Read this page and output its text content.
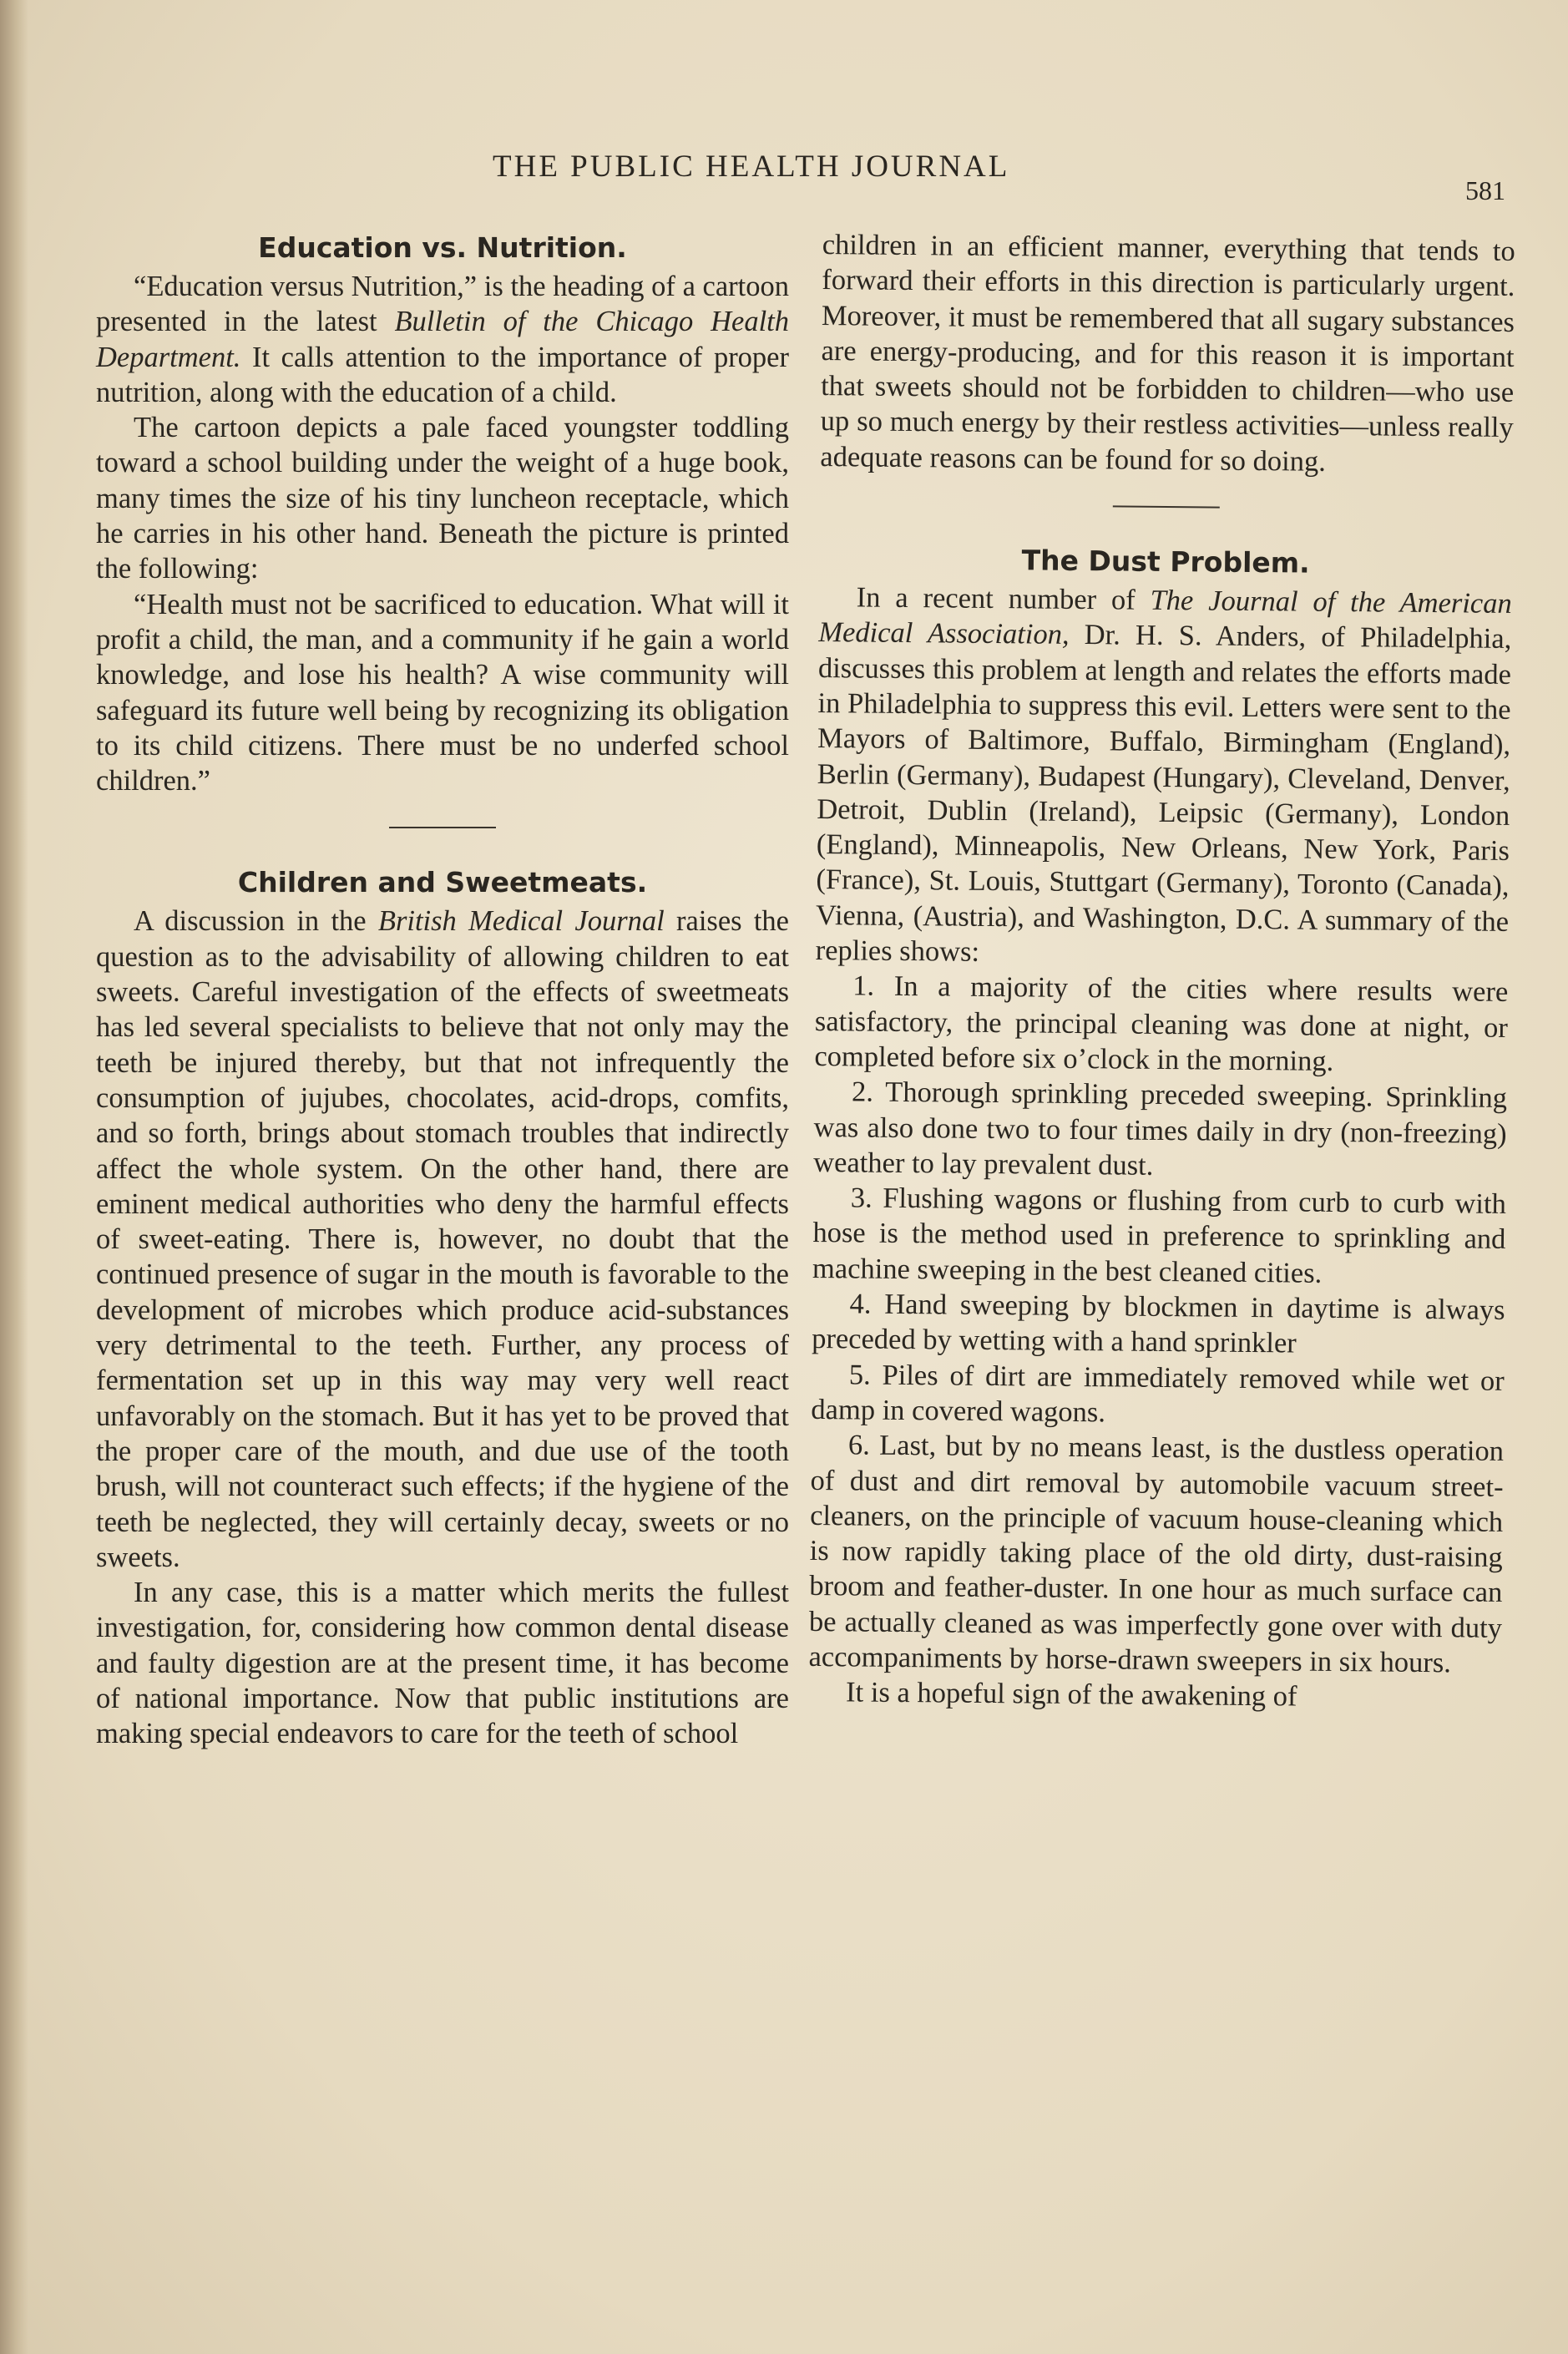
THE PUBLIC HEALTH JOURNAL
581
Education vs. Nutrition.

“Education versus Nutrition,” is the heading of a cartoon presented in the latest Bulletin of the Chicago Health Department. It calls attention to the importance of proper nutrition, along with the education of a child.

The cartoon depicts a pale faced youngster toddling toward a school building under the weight of a huge book, many times the size of his tiny luncheon receptacle, which he carries in his other hand. Beneath the picture is printed the following:

“Health must not be sacrificed to education. What will it profit a child, the man, and a community if he gain a world knowledge, and lose his health? A wise community will safeguard its future well being by recognizing its obligation to its child citizens. There must be no underfed school children.”

Children and Sweetmeats.

A discussion in the British Medical Journal raises the question as to the advisability of allowing children to eat sweets. Careful investigation of the effects of sweetmeats has led several specialists to believe that not only may the teeth be injured thereby, but that not infrequently the consumption of jujubes, chocolates, acid-drops, comfits, and so forth, brings about stomach troubles that indirectly affect the whole system. On the other hand, there are eminent medical authorities who deny the harmful effects of sweet-eating. There is, however, no doubt that the continued presence of sugar in the mouth is favorable to the development of microbes which produce acid-substances very detrimental to the teeth. Further, any process of fermentation set up in this way may very well react unfavorably on the stomach. But it has yet to be proved that the proper care of the mouth, and due use of the tooth brush, will not counteract such effects; if the hygiene of the teeth be neglected, they will certainly decay, sweets or no sweets.

In any case, this is a matter which merits the fullest investigation, for, considering how common dental disease and faulty digestion are at the present time, it has become of national importance. Now that public institutions are making special endeavors to care for the teeth of school

children in an efficient manner, everything that tends to forward their efforts in this direction is particularly urgent. Moreover, it must be remembered that all sugary substances are energy-producing, and for this reason it is important that sweets should not be forbidden to children—who use up so much energy by their restless activities—unless really adequate reasons can be found for so doing.

The Dust Problem.

In a recent number of The Journal of the American Medical Association, Dr. H. S. Anders, of Philadelphia, discusses this problem at length and relates the efforts made in Philadelphia to suppress this evil. Letters were sent to the Mayors of Baltimore, Buffalo, Birmingham (England), Berlin (Germany), Budapest (Hungary), Cleveland, Denver, Detroit, Dublin (Ireland), Leipsic (Germany), London (England), Minneapolis, New Orleans, New York, Paris (France), St. Louis, Stuttgart (Germany), Toronto (Canada), Vienna, (Austria), and Washington, D.C. A summary of the replies shows:

1. In a majority of the cities where results were satisfactory, the principal cleaning was done at night, or completed before six o’clock in the morning.

2. Thorough sprinkling preceded sweeping. Sprinkling was also done two to four times daily in dry (non-freezing) weather to lay prevalent dust.

3. Flushing wagons or flushing from curb to curb with hose is the method used in preference to sprinkling and machine sweeping in the best cleaned cities.

4. Hand sweeping by blockmen in daytime is always preceded by wetting with a hand sprinkler

5. Piles of dirt are immediately removed while wet or damp in covered wagons.

6. Last, but by no means least, is the dustless operation of dust and dirt removal by automobile vacuum street-cleaners, on the principle of vacuum house-cleaning which is now rapidly taking place of the old dirty, dust-raising broom and feather-duster. In one hour as much surface can be actually cleaned as was imperfectly gone over with duty accompaniments by horse-drawn sweepers in six hours.

It is a hopeful sign of the awakening of
